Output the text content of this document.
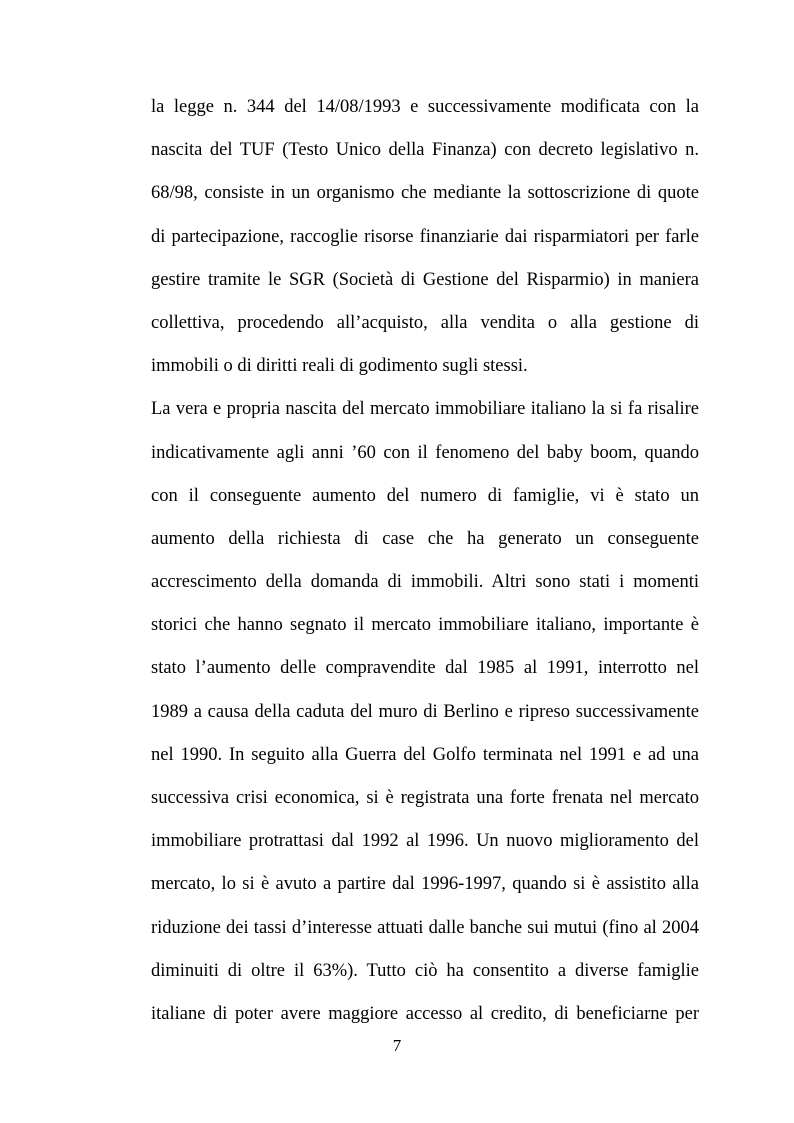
la legge n. 344 del 14/08/1993 e successivamente modificata con la
nascita del TUF (Testo Unico della Finanza) con decreto legislativo n.
68/98, consiste in un organismo che mediante la sottoscrizione di quote
di partecipazione, raccoglie risorse finanziarie dai risparmiatori per farle
gestire tramite le SGR (Società di Gestione del Risparmio) in maniera
collettiva, procedendo all’acquisto, alla vendita o alla gestione di
immobili o di diritti reali di godimento sugli stessi.
La vera e propria nascita del mercato immobiliare italiano la si fa risalire
indicativamente agli anni ’60 con il fenomeno del baby boom, quando
con il conseguente aumento del numero di famiglie, vi è stato un
aumento della richiesta di case che ha generato un conseguente
accrescimento della domanda di immobili. Altri sono stati i momenti
storici che hanno segnato il mercato immobiliare italiano, importante è
stato l’aumento delle compravendite dal 1985 al 1991, interrotto nel
1989 a causa della caduta del muro di Berlino e ripreso successivamente
nel 1990. In seguito alla Guerra del Golfo terminata nel 1991 e ad una
successiva crisi economica, si è registrata una forte frenata nel mercato
immobiliare protrattasi dal 1992 al 1996. Un nuovo miglioramento del
mercato, lo si è avuto a partire dal 1996-1997, quando si è assistito alla
riduzione dei tassi d’interesse attuati dalle banche sui mutui (fino al 2004
diminuiti di oltre il 63%). Tutto ciò ha consentito a diverse famiglie
italiane di poter avere maggiore accesso al credito, di beneficiarne per
7
